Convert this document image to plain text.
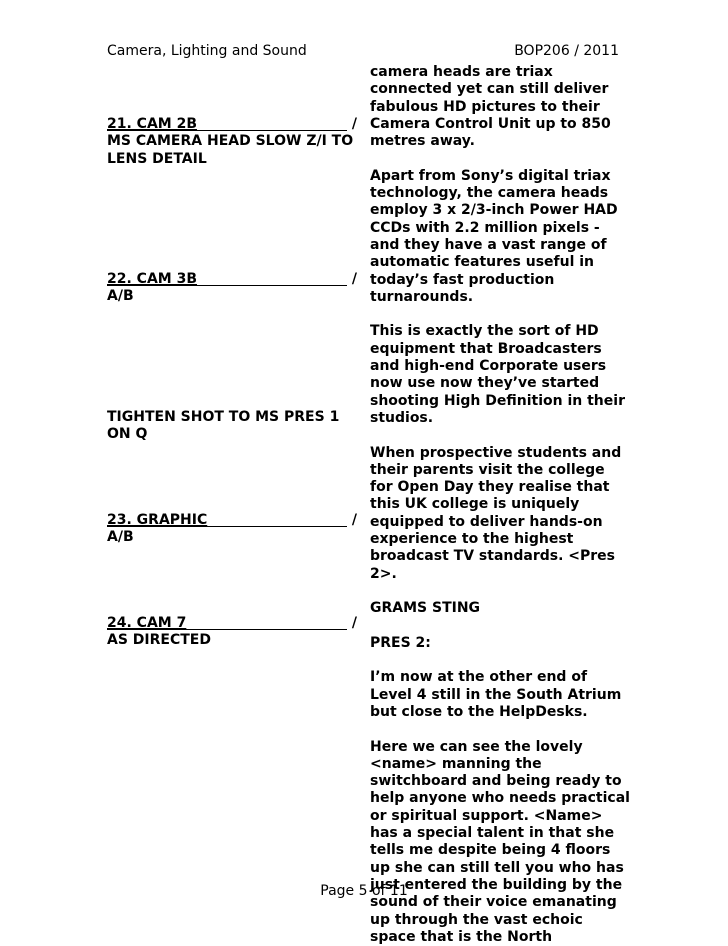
Camera, Lighting and Sound	BOP206 / 2011
21. CAM 2B	/
MS CAMERA HEAD SLOW Z/I TO LENS DETAIL
22. CAM 3B	/
A/B
TIGHTEN SHOT TO MS PRES 1 ON Q
23. GRAPHIC	/
A/B
24. CAM 7	/
AS DIRECTED

camera heads are triax connected yet can still deliver fabulous HD pictures to their Camera Control Unit up to 850 metres away.

Apart from Sony’s digital triax technology, the camera heads employ 3 x 2/3-inch Power HAD CCDs with 2.2 million pixels - and they have a vast range of automatic features useful in today’s fast production turnarounds.

This is exactly the sort of HD equipment that Broadcasters and high-end Corporate users now use now they’ve started shooting High Definition in their studios.

When prospective students and their parents visit the college for Open Day they realise that this UK college is uniquely equipped to deliver hands-on experience to the highest broadcast TV standards. <Pres 2>.

GRAMS STING

PRES 2:

I’m now at the other end of Level 4 still in the South Atrium but close to the HelpDesks.

Here we can see the lovely <name> manning the switchboard and being ready to help anyone who needs practical or spiritual support. <Name> has a special talent in that she tells me despite being 4 floors up she can still tell you who has just entered the building by the sound of their voice emanating up through the vast echoic space that is the North

Page 5 of 11
